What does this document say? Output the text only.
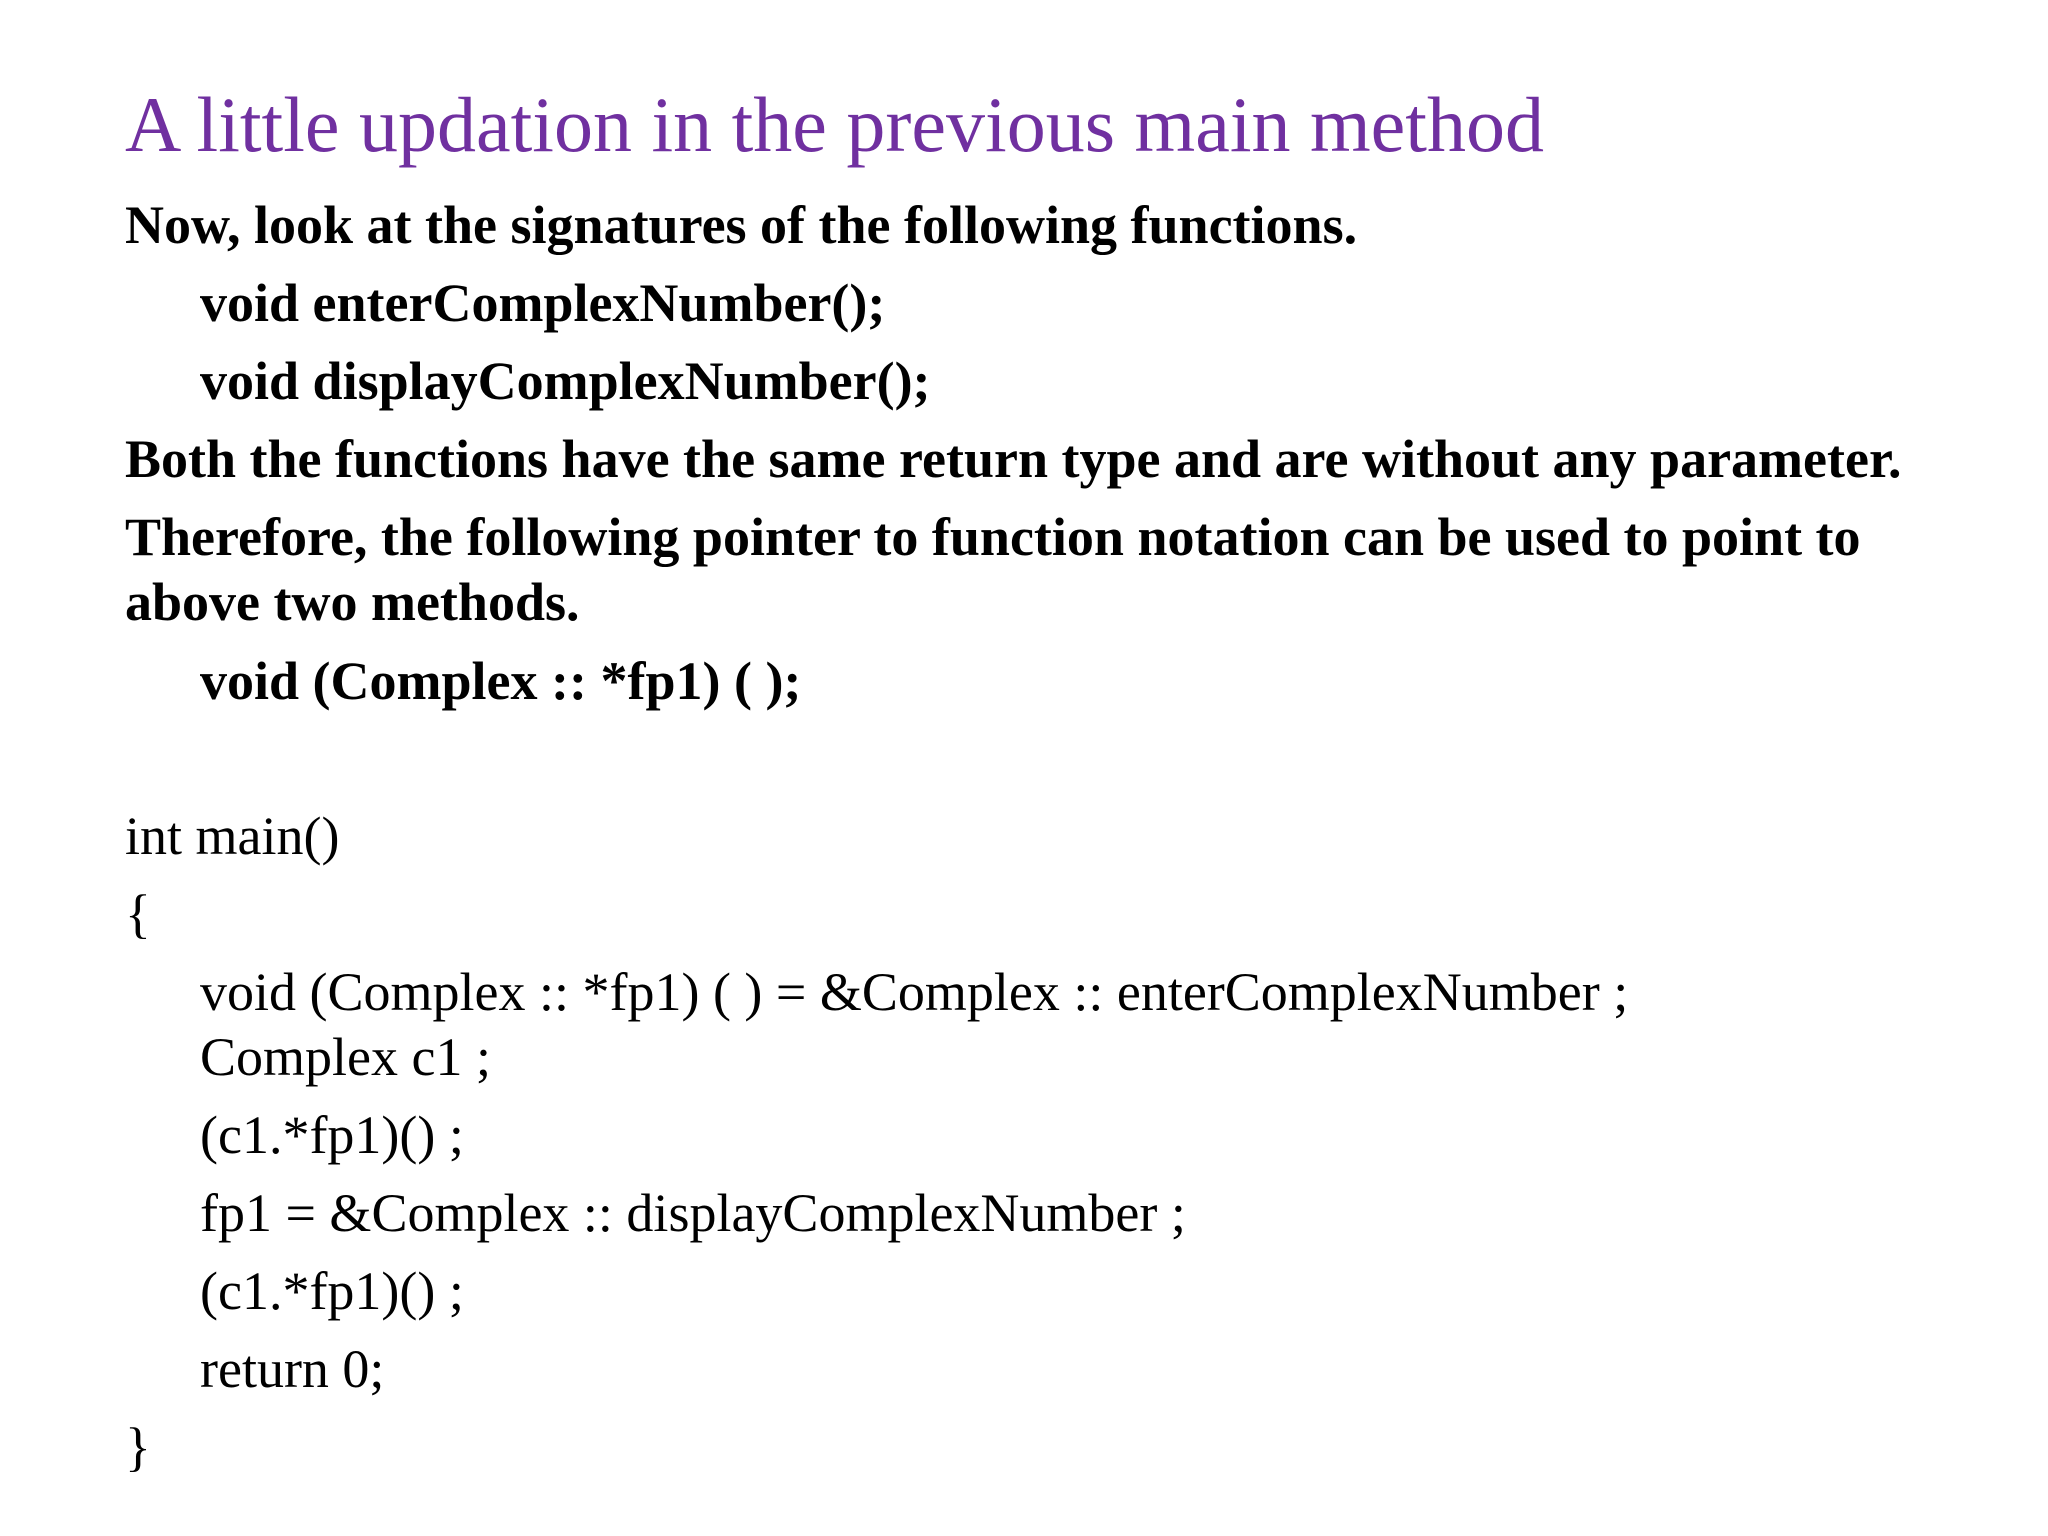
A little updation in the previous main method
Now, look at the signatures of the following functions.
void enterComplexNumber();
void displayComplexNumber();
Both the functions have the same return type and are without any parameter.
Therefore, the following pointer to function notation can be used to point to
above two methods.
void (Complex :: *fp1) ( );
int main()
{
void (Complex :: *fp1) ( ) = &Complex :: enterComplexNumber ;
Complex c1 ;
(c1.*fp1)() ;
fp1 = &Complex :: displayComplexNumber ;
(c1.*fp1)() ;
return 0;
}
